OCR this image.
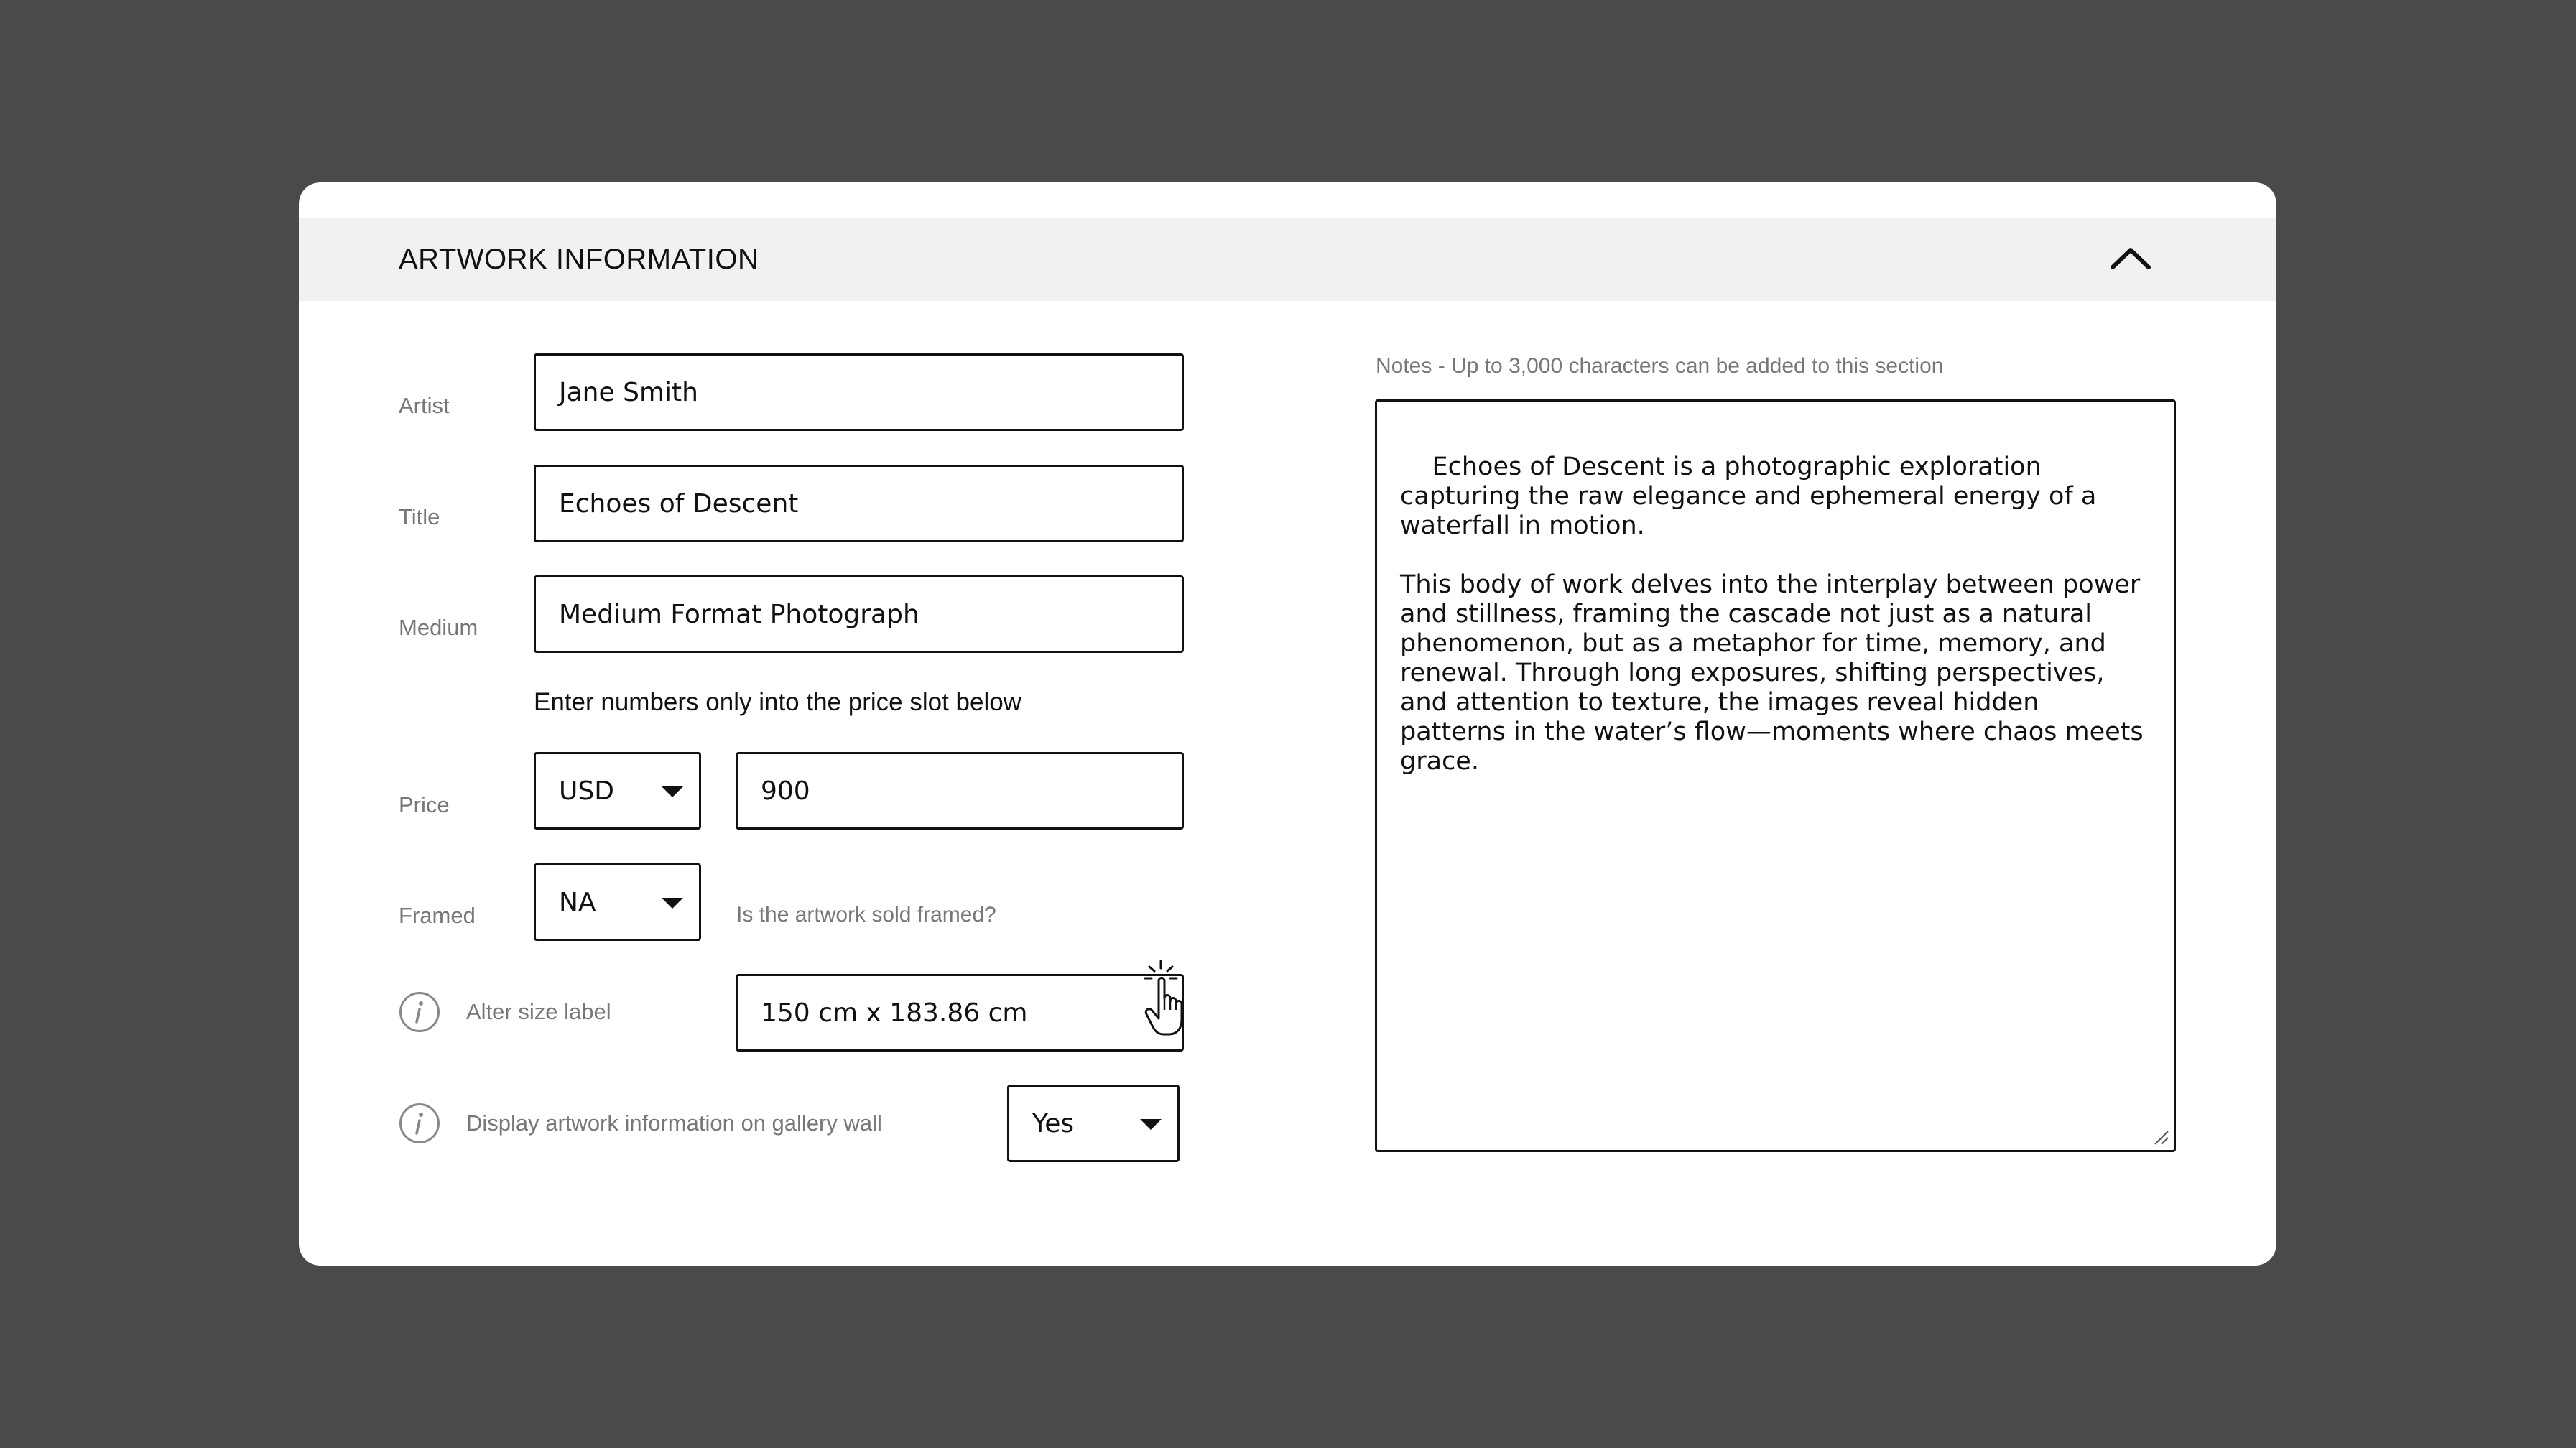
ARTWORK INFORMATION
Artist	Jane Smith
Title	Echoes of Descent
Medium	Medium Format Photograph
Enter numbers only into the price slot below
Price	USD	900
Framed	NA	Is the artwork sold framed?
Alter size label	150 cm x 183.86 cm
Display artwork information on gallery wall	Yes
Notes - Up to 3,000 characters can be added to this section

Echoes of Descent is a photographic exploration capturing the raw elegance and ephemeral energy of a waterfall in motion.

This body of work delves into the interplay between power and stillness, framing the cascade not just as a natural phenomenon, but as a metaphor for time, memory, and renewal. Through long exposures, shifting perspectives, and attention to texture, the images reveal hidden patterns in the water’s flow—moments where chaos meets grace.
